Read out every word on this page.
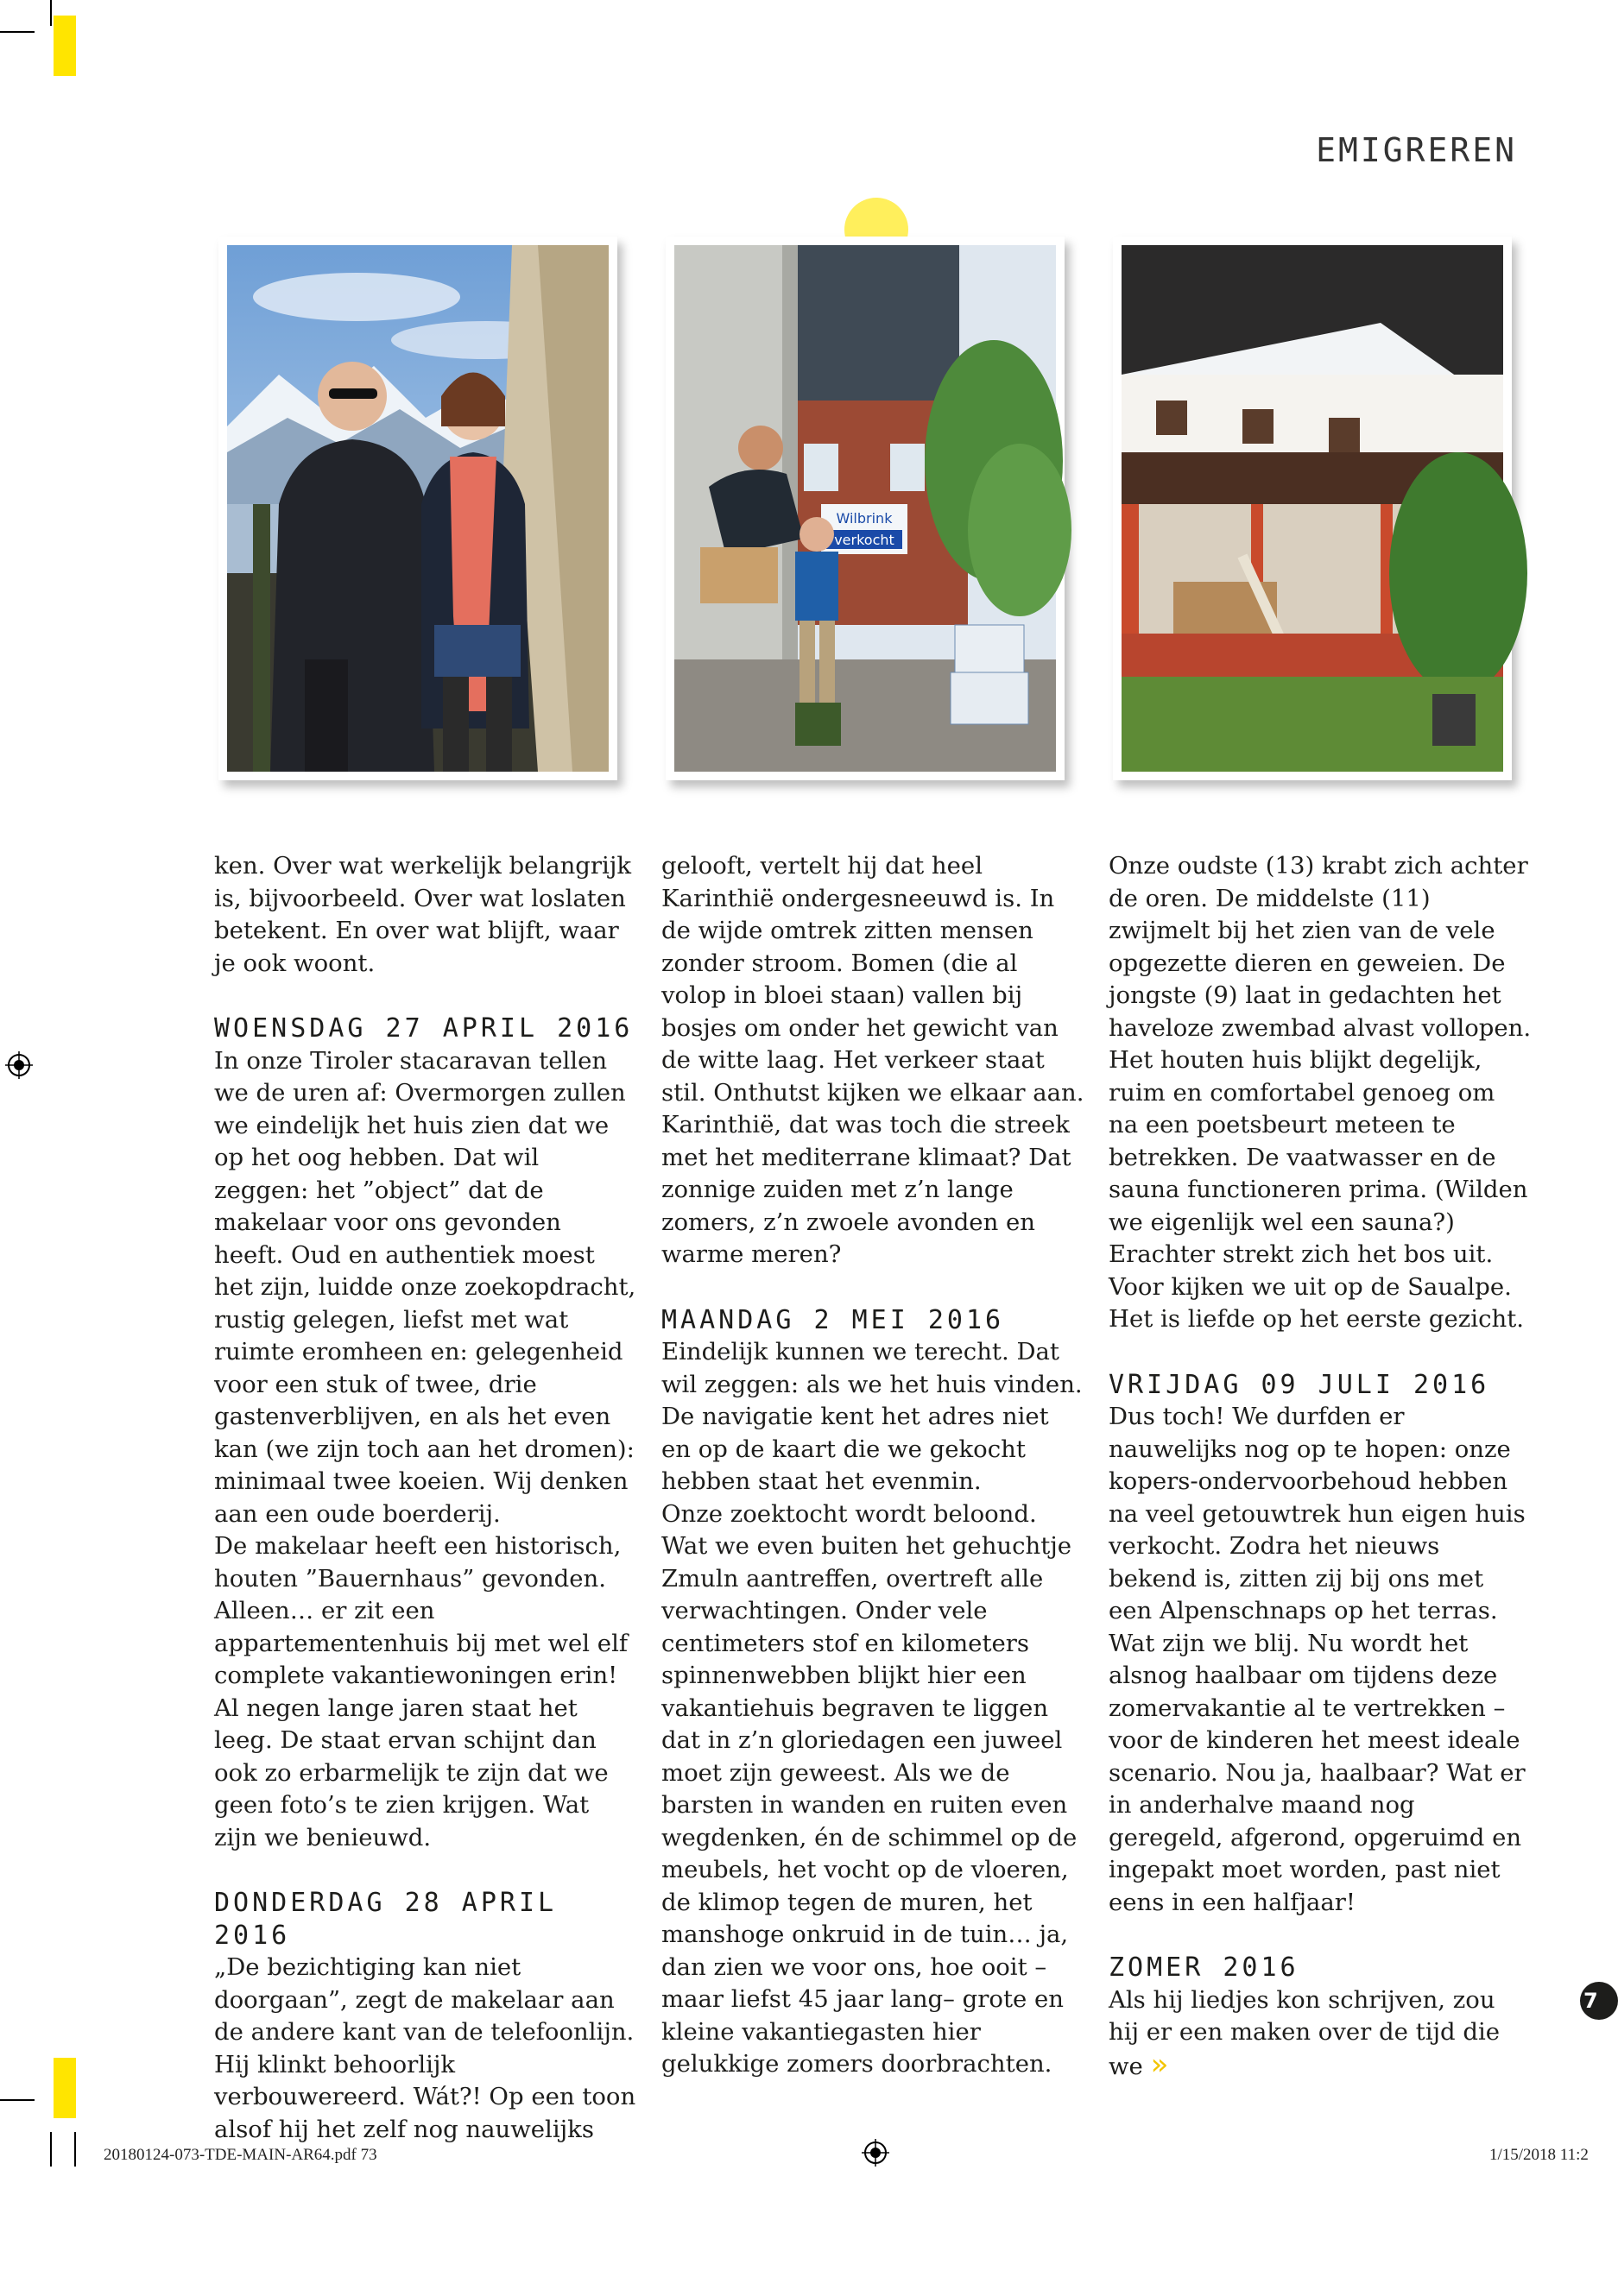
EMIGREREN
Wilbrink
verkocht

ken. Over wat werkelijk belangrijk is, bijvoorbeeld. Over wat loslaten betekent. En over wat blijft, waar je ook woont.

WOENSDAG 27 APRIL 2016

In onze Tiroler stacaravan tellen we de uren af: Overmorgen zullen we eindelijk het huis zien dat we op het oog hebben. Dat wil zeggen: het ”object” dat de makelaar voor ons gevonden heeft. Oud en authentiek moest het zijn, luidde onze zoekopdracht, rustig gelegen, liefst met wat ruimte eromheen en: gelegenheid voor een stuk of twee, drie gastenverblijven, en als het even kan (we zijn toch aan het dromen): minimaal twee koeien. Wij denken aan een oude boerderij.

De makelaar heeft een historisch, houten ”Bauernhaus” gevonden. Alleen… er zit een appartementenhuis bij met wel elf complete vakantiewoningen erin! Al negen lange jaren staat het leeg. De staat ervan schijnt dan ook zo erbarmelijk te zijn dat we geen foto’s te zien krijgen. Wat zijn we benieuwd.

DONDERDAG 28 APRIL 2016

„De bezichtiging kan niet doorgaan”, zegt de makelaar aan de andere kant van de telefoonlijn. Hij klinkt behoorlijk verbouwereerd. Wát?! Op een toon alsof hij het zelf nog nauwelijks

gelooft, vertelt hij dat heel Karinthië ondergesneeuwd is. In de wijde omtrek zitten mensen zonder stroom. Bomen (die al volop in bloei staan) vallen bij bosjes om onder het gewicht van de witte laag. Het verkeer staat stil. Onthutst kijken we elkaar aan. Karinthië, dat was toch die streek met het mediterrane klimaat? Dat zonnige zuiden met z’n lange zomers, z’n zwoele avonden en warme meren?

MAANDAG 2 MEI 2016

Eindelijk kunnen we terecht. Dat wil zeggen: als we het huis vinden. De navigatie kent het adres niet en op de kaart die we gekocht hebben staat het evenmin.

Onze zoektocht wordt beloond. Wat we even buiten het gehuchtje Zmuln aantreffen, overtreft alle verwachtingen. Onder vele centimeters stof en kilometers spinnenwebben blijkt hier een vakantiehuis begraven te liggen dat in z’n gloriedagen een juweel moet zijn geweest. Als we de barsten in wanden en ruiten even wegdenken, én de schimmel op de meubels, het vocht op de vloeren, de klimop tegen de muren, het manshoge onkruid in de tuin… ja, dan zien we voor ons, hoe ooit –maar liefst 45 jaar lang– grote en kleine vakantiegasten hier gelukkige zomers doorbrachten.

Onze oudste (13) krabt zich achter de oren. De middelste (11) zwijmelt bij het zien van de vele opgezette dieren en geweien. De jongste (9) laat in gedachten het haveloze zwembad alvast vollopen.

Het houten huis blijkt degelijk, ruim en comfortabel genoeg om na een poetsbeurt meteen te betrekken. De vaatwasser en de sauna functioneren prima. (Wilden we eigenlijk wel een sauna?) Erachter strekt zich het bos uit. Voor kijken we uit op de Saualpe. Het is liefde op het eerste gezicht.

VRIJDAG 09 JULI 2016

Dus toch! We durfden er nauwelijks nog op te hopen: onze kopers-ondervoorbehoud hebben na veel getouwtrek hun eigen huis verkocht. Zodra het nieuws bekend is, zitten zij bij ons met een Alpenschnaps op het terras. Wat zijn we blij. Nu wordt het alsnog haalbaar om tijdens deze zomervakantie al te vertrekken – voor de kinderen het meest ideale scenario. Nou ja, haalbaar? Wat er in anderhalve maand nog geregeld, afgerond, opgeruimd en ingepakt moet worden, past niet eens in een halfjaar!

ZOMER 2016

Als hij liedjes kon schrijven, zou hij er een maken over de tijd die we »

7
20180124-073-TDE-MAIN-AR64.pdf 73	1/15/2018 11:2
